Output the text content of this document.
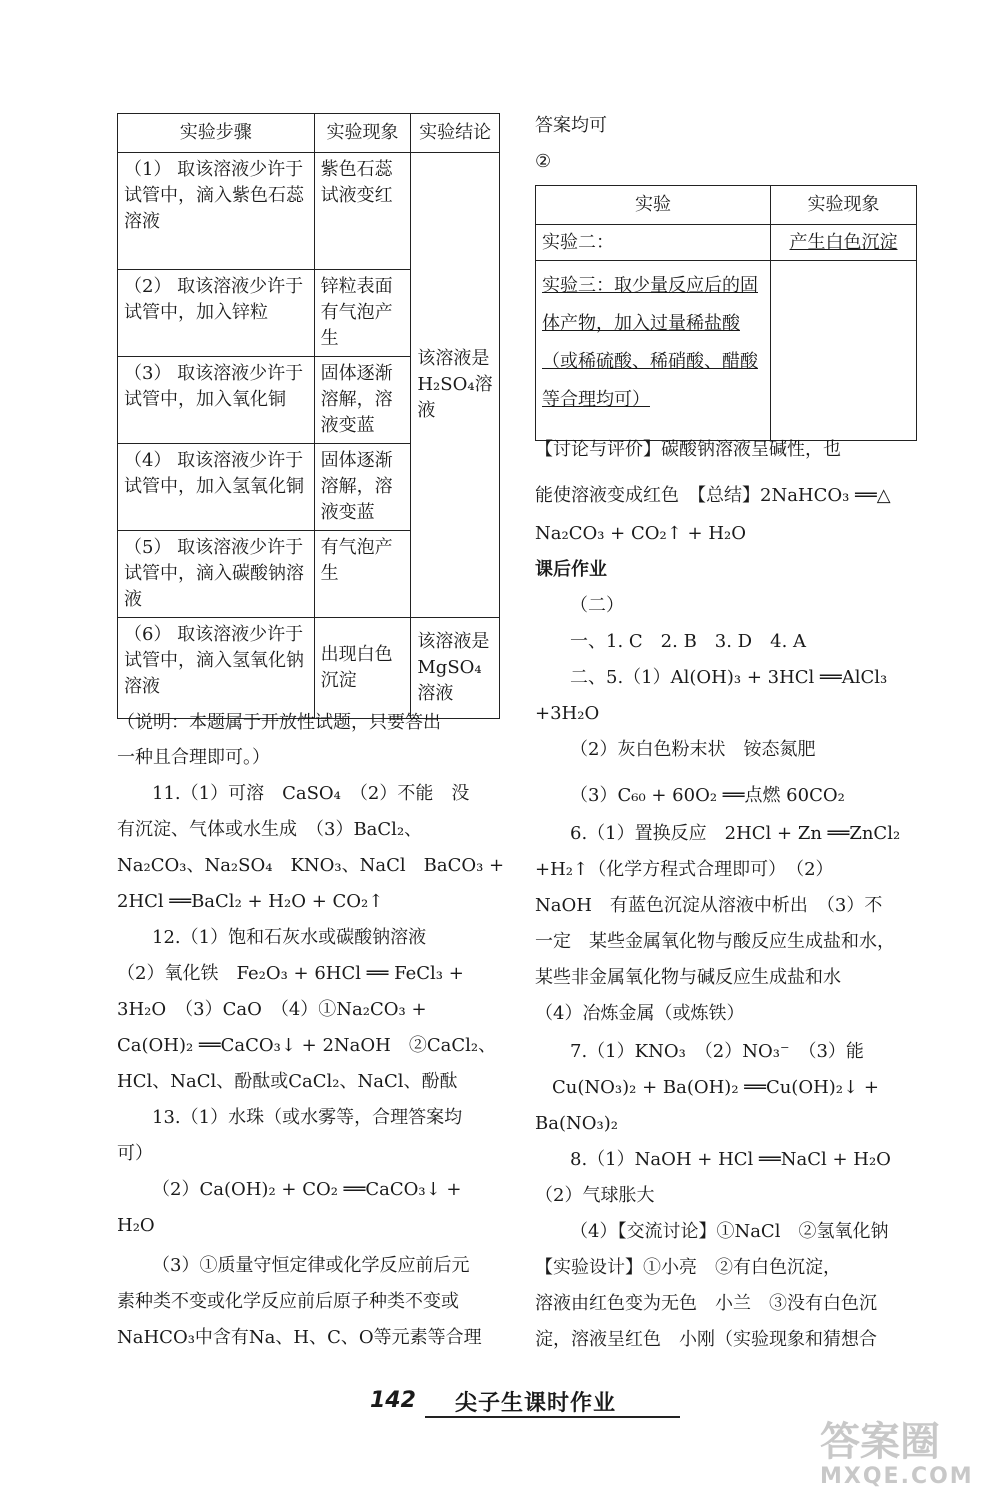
实验步骤	实验现象	实验结论
（1） 取该溶液少许于试管中，滴入紫色石蕊溶液	紫色石蕊试液变红	该溶液是H₂SO₄溶液
（2） 取该溶液少许于试管中，加入锌粒	锌粒表面有气泡产生	
（3） 取该溶液少许于试管中，加入氧化铜	固体逐渐溶解，溶液变蓝	
（4） 取该溶液少许于试管中，加入氢氧化铜	固体逐渐溶解，溶液变蓝	
（5） 取该溶液少许于试管中，滴入碳酸钠溶液	有气泡产生	
（6） 取该溶液少许于试管中，滴入氢氧化钠溶液	出现白色沉淀	该溶液是MgSO₄溶液
（说明：本题属于开放性试题，只要答出
一种且合理即可。）
11.（1）可溶　CaSO₄　（2）不能　没
有沉淀、气体或水生成　（3）BaCl₂、
Na₂CO₃、Na₂SO₄　KNO₃、NaCl　BaCO₃ +
2HCl ══BaCl₂ + H₂O + CO₂↑
12.（1）饱和石灰水或碳酸钠溶液
（2）氧化铁　Fe₂O₃ + 6HCl ══ FeCl₃ +
3H₂O　（3）CaO　（4）①Na₂CO₃ +
Ca(OH)₂ ══CaCO₃↓ + 2NaOH　②CaCl₂、
HCl、NaCl、酚酞或CaCl₂、NaCl、酚酞
13.（1）水珠（或水雾等，合理答案均
可）
（2）Ca(OH)₂ + CO₂ ══CaCO₃↓ +
H₂O
（3）①质量守恒定律或化学反应前后元
素种类不变或化学反应前后原子种类不变或
NaHCO₃中含有Na、H、C、O等元素等合理
答案均可
②
实验	实验现象
实验二：	产生白色沉淀
实验三：取少量反应后的固体产物，加入过量稀盐酸（或稀硫酸、稀硝酸、醋酸等合理均可）	
【讨论与评价】碳酸钠溶液呈碱性，也
能使溶液变成红色　【总结】2NaHCO₃ ══△
Na₂CO₃ + CO₂↑ + H₂O
课后作业
（二）
一、1. C　2. B　3. D　4. A
二、5.（1）Al(OH)₃ + 3HCl ══AlCl₃
+3H₂O
（2）灰白色粉末状　铵态氮肥
（3）C₆₀ + 60O₂ ══点燃 60CO₂
6.（1）置换反应　2HCl + Zn ══ZnCl₂
+H₂↑（化学方程式合理即可）　（2）
NaOH　有蓝色沉淀从溶液中析出　（3）不
一定　某些金属氧化物与酸反应生成盐和水，
某些非金属氧化物与碱反应生成盐和水
（4）冶炼金属（或炼铁）
7.（1）KNO₃　（2）NO₃⁻　（3）能
Cu(NO₃)₂ + Ba(OH)₂ ══Cu(OH)₂↓ +
Ba(NO₃)₂
8.（1）NaOH + HCl ══NaCl + H₂O
（2）气球胀大
（4）【交流讨论】①NaCl　②氢氧化钠
【实验设计】①小亮　②有白色沉淀，
溶液由红色变为无色　小兰　③没有白色沉
淀，溶液呈红色　小刚（实验现象和猜想合
142 尖子生课时作业
答案圈
MXQE.COM
